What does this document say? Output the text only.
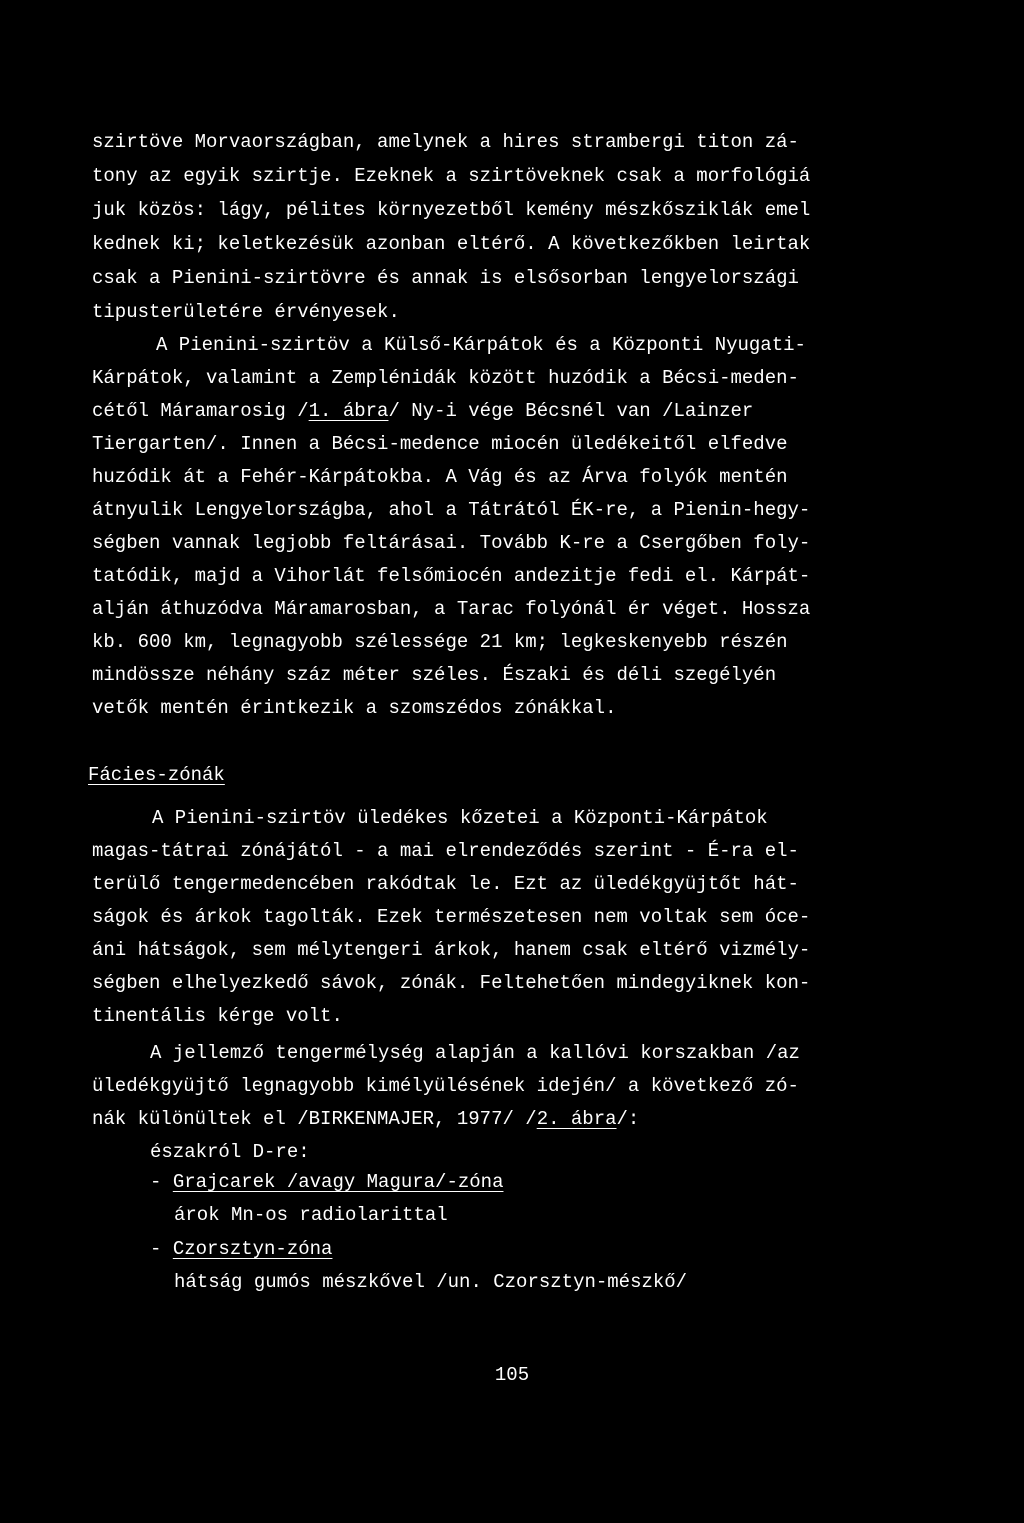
szirtöve Morvaországban, amelynek a hires strambergi titon zá-

tony az egyik szirtje. Ezeknek a szirtöveknek csak a morfológiá

juk közös: lágy, pélites környezetből kemény mészkősziklák emel

kednek ki; keletkezésük azonban eltérő. A következőkben leirtak

csak a Pienini-szirtövre és annak is elsősorban lengyelországi

tipusterületére érvényesek.

A Pienini-szirtöv a Külső-Kárpátok és a Központi Nyugati-

Kárpátok, valamint a Zemplénidák között huzódik a Bécsi-meden-

cétől Máramarosig /1. ábra/ Ny-i vége Bécsnél van /Lainzer

Tiergarten/. Innen a Bécsi-medence miocén üledékeitől elfedve

huzódik át a Fehér-Kárpátokba. A Vág és az Árva folyók mentén

átnyulik Lengyelországba, ahol a Tátrától ÉK-re, a Pienin-hegy-

ségben vannak legjobb feltárásai. Tovább K-re a Csergőben foly-

tatódik, majd a Vihorlát felsőmiocén andezitje fedi el. Kárpát-

alján áthuzódva Máramarosban, a Tarac folyónál ér véget. Hossza

kb. 600 km, legnagyobb szélessége 21 km; legkeskenyebb részén

mindössze néhány száz méter széles. Északi és déli szegélyén

vetők mentén érintkezik a szomszédos zónákkal.

Fácies-zónák

A Pienini-szirtöv üledékes kőzetei a Központi-Kárpátok

magas-tátrai zónájától - a mai elrendeződés szerint - É-ra el-

terülő tengermedencében rakódtak le. Ezt az üledékgyüjtőt hát-

ságok és árkok tagolták. Ezek természetesen nem voltak sem óce-

áni hátságok, sem mélytengeri árkok, hanem csak eltérő vizmély-

ségben elhelyezkedő sávok, zónák. Feltehetően mindegyiknek kon-

tinentális kérge volt.

A jellemző tengermélység alapján a kallóvi korszakban /az

üledékgyüjtő legnagyobb kimélyülésének idején/ a következő zó-

nák különültek el /BIRKENMAJER, 1977/ /2. ábra/:

északról D-re:

- Grajcarek /avagy Magura/-zóna

árok Mn-os radiolarittal

- Czorsztyn-zóna

hátság gumós mészkővel /un. Czorsztyn-mészkő/

105
